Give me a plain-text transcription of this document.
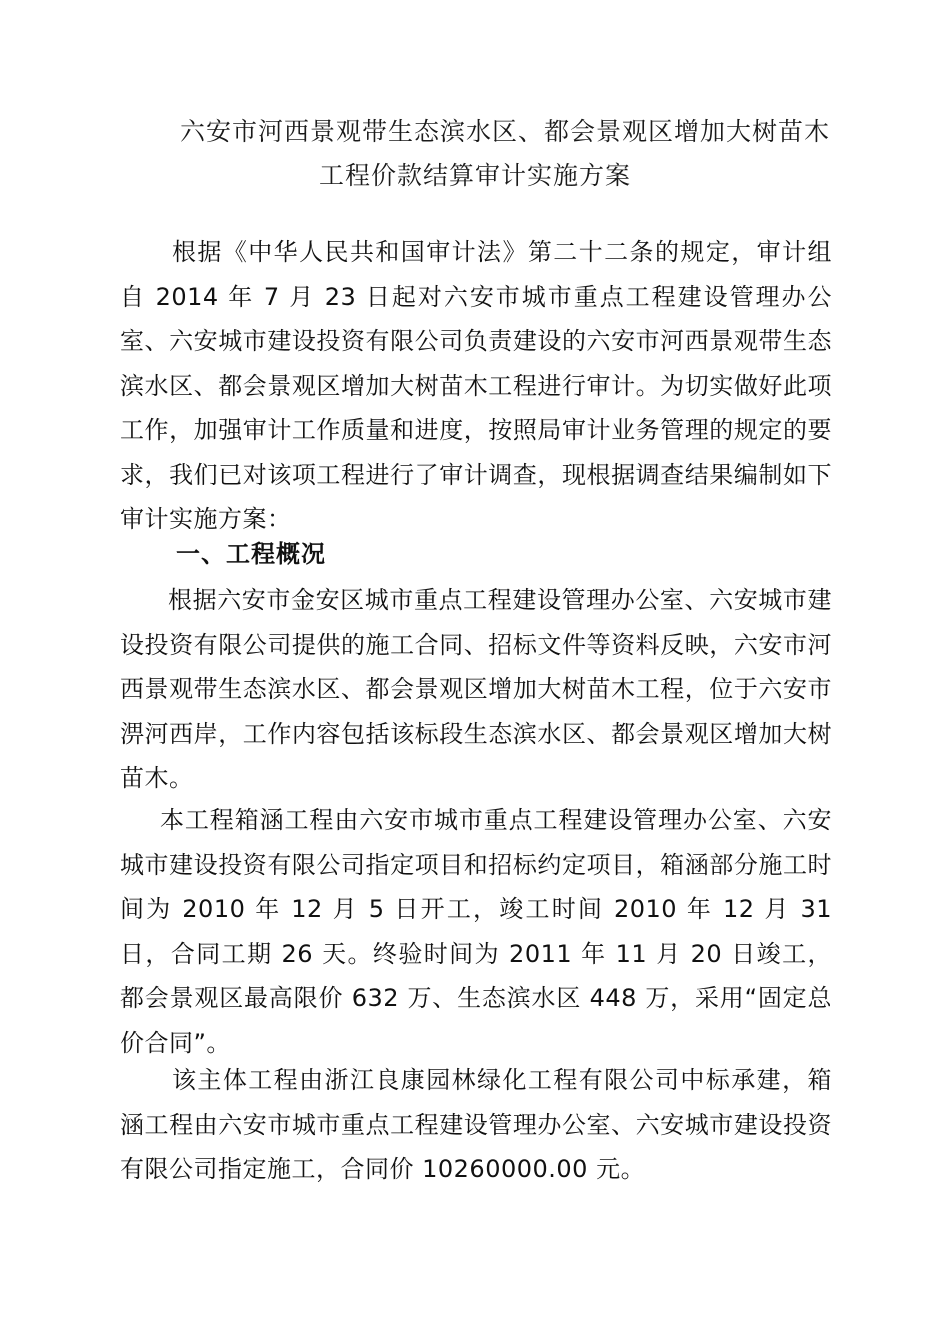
六安市河西景观带生态滨水区、都会景观区增加大树苗木
工程价款结算审计实施方案

根据《中华人民共和国审计法》第二十二条的规定，审计组自 2014 年 7 月 23 日起对六安市城市重点工程建设管理办公室、六安城市建设投资有限公司负责建设的六安市河西景观带生态滨水区、都会景观区增加大树苗木工程进行审计。为切实做好此项工作，加强审计工作质量和进度，按照局审计业务管理的规定的要求，我们已对该项工程进行了审计调查，现根据调查结果编制如下审计实施方案：

一、工程概况

根据六安市金安区城市重点工程建设管理办公室、六安城市建设投资有限公司提供的施工合同、招标文件等资料反映，六安市河西景观带生态滨水区、都会景观区增加大树苗木工程，位于六安市淠河西岸，工作内容包括该标段生态滨水区、都会景观区增加大树苗木。

本工程箱涵工程由六安市城市重点工程建设管理办公室、六安城市建设投资有限公司指定项目和招标约定项目，箱涵部分施工时间为 2010 年 12 月 5 日开工，竣工时间 2010 年 12 月 31 日，合同工期 26 天。终验时间为 2011 年 11 月 20 日竣工，都会景观区最高限价 632 万、生态滨水区 448 万，采用“固定总价合同”。

该主体工程由浙江良康园林绿化工程有限公司中标承建，箱涵工程由六安市城市重点工程建设管理办公室、六安城市建设投资有限公司指定施工，合同价 10260000.00 元。
